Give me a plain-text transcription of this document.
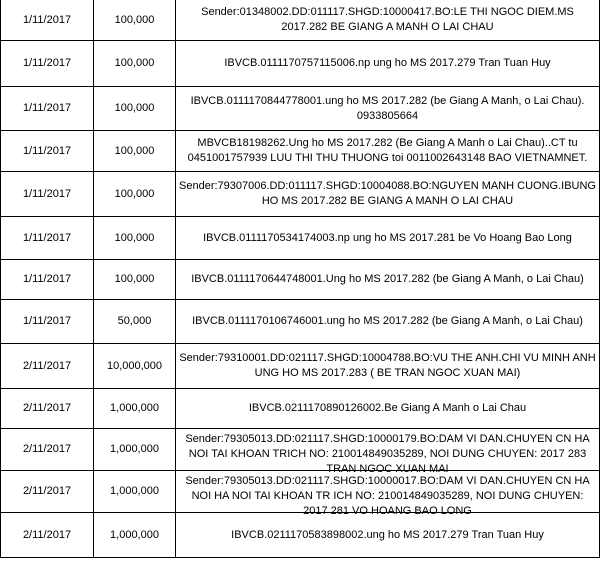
1/11/2017	100,000	Sender:01348002.DD:011117.SHGD:10000417.BO:LE THI NGOC DIEM.MS 2017.282 BE GIANG A MANH O LAI CHAU
1/11/2017	100,000	IBVCB.0111170757115006.np ung ho MS 2017.279 Tran Tuan Huy
1/11/2017	100,000	IBVCB.0111170844778001.ung ho MS 2017.282 (be Giang A Manh, o Lai Chau). 0933805664
1/11/2017	100,000	MBVCB18198262.Ung ho MS 2017.282 (Be Giang A Manh o Lai Chau)..CT tu 0451001757939 LUU THI THU THUONG toi 0011002643148 BAO VIETNAMNET.
1/11/2017	100,000	Sender:79307006.DD:011117.SHGD:10004088.BO:NGUYEN MANH CUONG.IBUNG HO MS 2017.282 BE GIANG A MANH O LAI CHAU
1/11/2017	100,000	IBVCB.0111170534174003.np ung ho MS 2017.281 be Vo Hoang Bao Long
1/11/2017	100,000	IBVCB.0111170644748001.Ung ho MS 2017.282 (be Giang A Manh, o Lai Chau)
1/11/2017	50,000	IBVCB.0111170106746001.ung ho MS 2017.282 (be Giang A Manh, o Lai Chau)
2/11/2017	10,000,000	Sender:79310001.DD:021117.SHGD:10004788.BO:VU THE ANH.CHI VU MINH ANH UNG HO MS 2017.283 ( BE TRAN NGOC XUAN MAI)
2/11/2017	1,000,000	IBVCB.0211170890126002.Be Giang A Manh o Lai Chau
2/11/2017	1,000,000	Sender:79305013.DD:021117.SHGD:10000179.BO:DAM VI DAN.CHUYEN CN HA NOI TAI KHOAN TRICH NO: 210014849035289, NOI DUNG CHUYEN: 2017 283 TRAN NGOC XUAN MAI

2/11/2017	1,000,000	Sender:79305013.DD:021117.SHGD:10000017.BO:DAM VI DAN.CHUYEN CN HA NOI HA NOI TAI KHOAN TR ICH NO: 210014849035289, NOI DUNG CHUYEN: 2017 281 VO HOANG BAO LONG

2/11/2017	1,000,000	IBVCB.0211170583898002.ung ho MS 2017.279 Tran Tuan Huy
